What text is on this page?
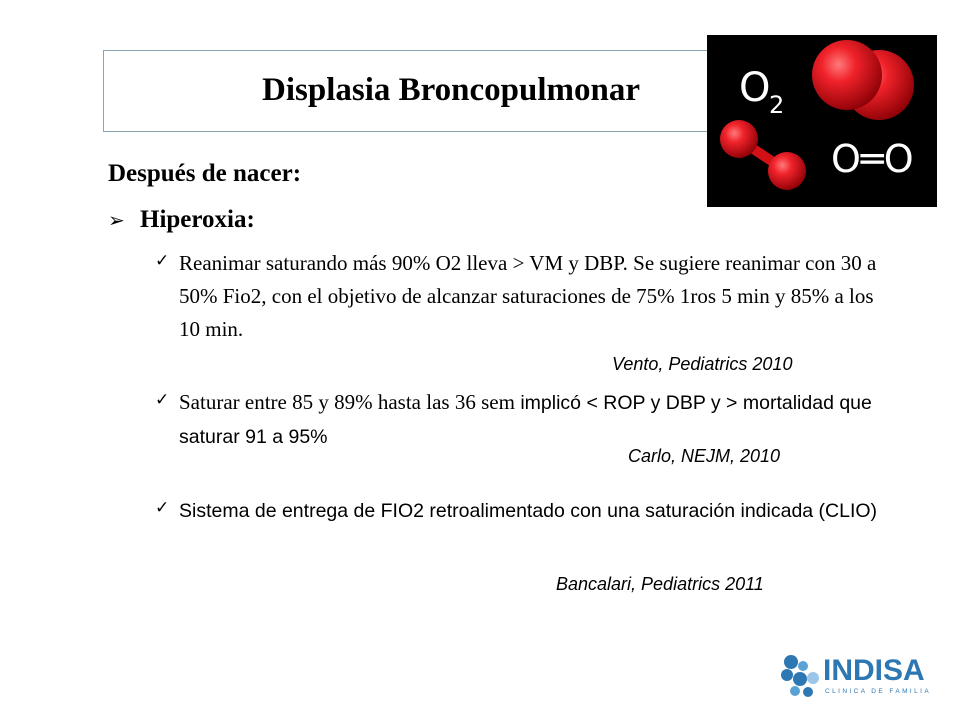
Displasia Broncopulmonar O
2
O═O
Después de nacer:
➢ Hiperoxia:
✓ Reanimar saturando más 90% O2 lleva > VM y DBP. Se sugiere reanimar con 30 a 50% Fio2, con el objetivo de alcanzar saturaciones de 75% 1ros 5 min y 85% a los 10 min.
Vento, Pediatrics 2010
✓ Saturar entre 85 y 89% hasta las 36 sem implicó < ROP y DBP y > mortalidad que saturar 91 a 95%
Carlo, NEJM, 2010
✓ Sistema de entrega de FIO2 retroalimentado con una saturación indicada (CLIO)
Bancalari, Pediatrics 2011
INDISA
CLINICA DE FAMILIA
